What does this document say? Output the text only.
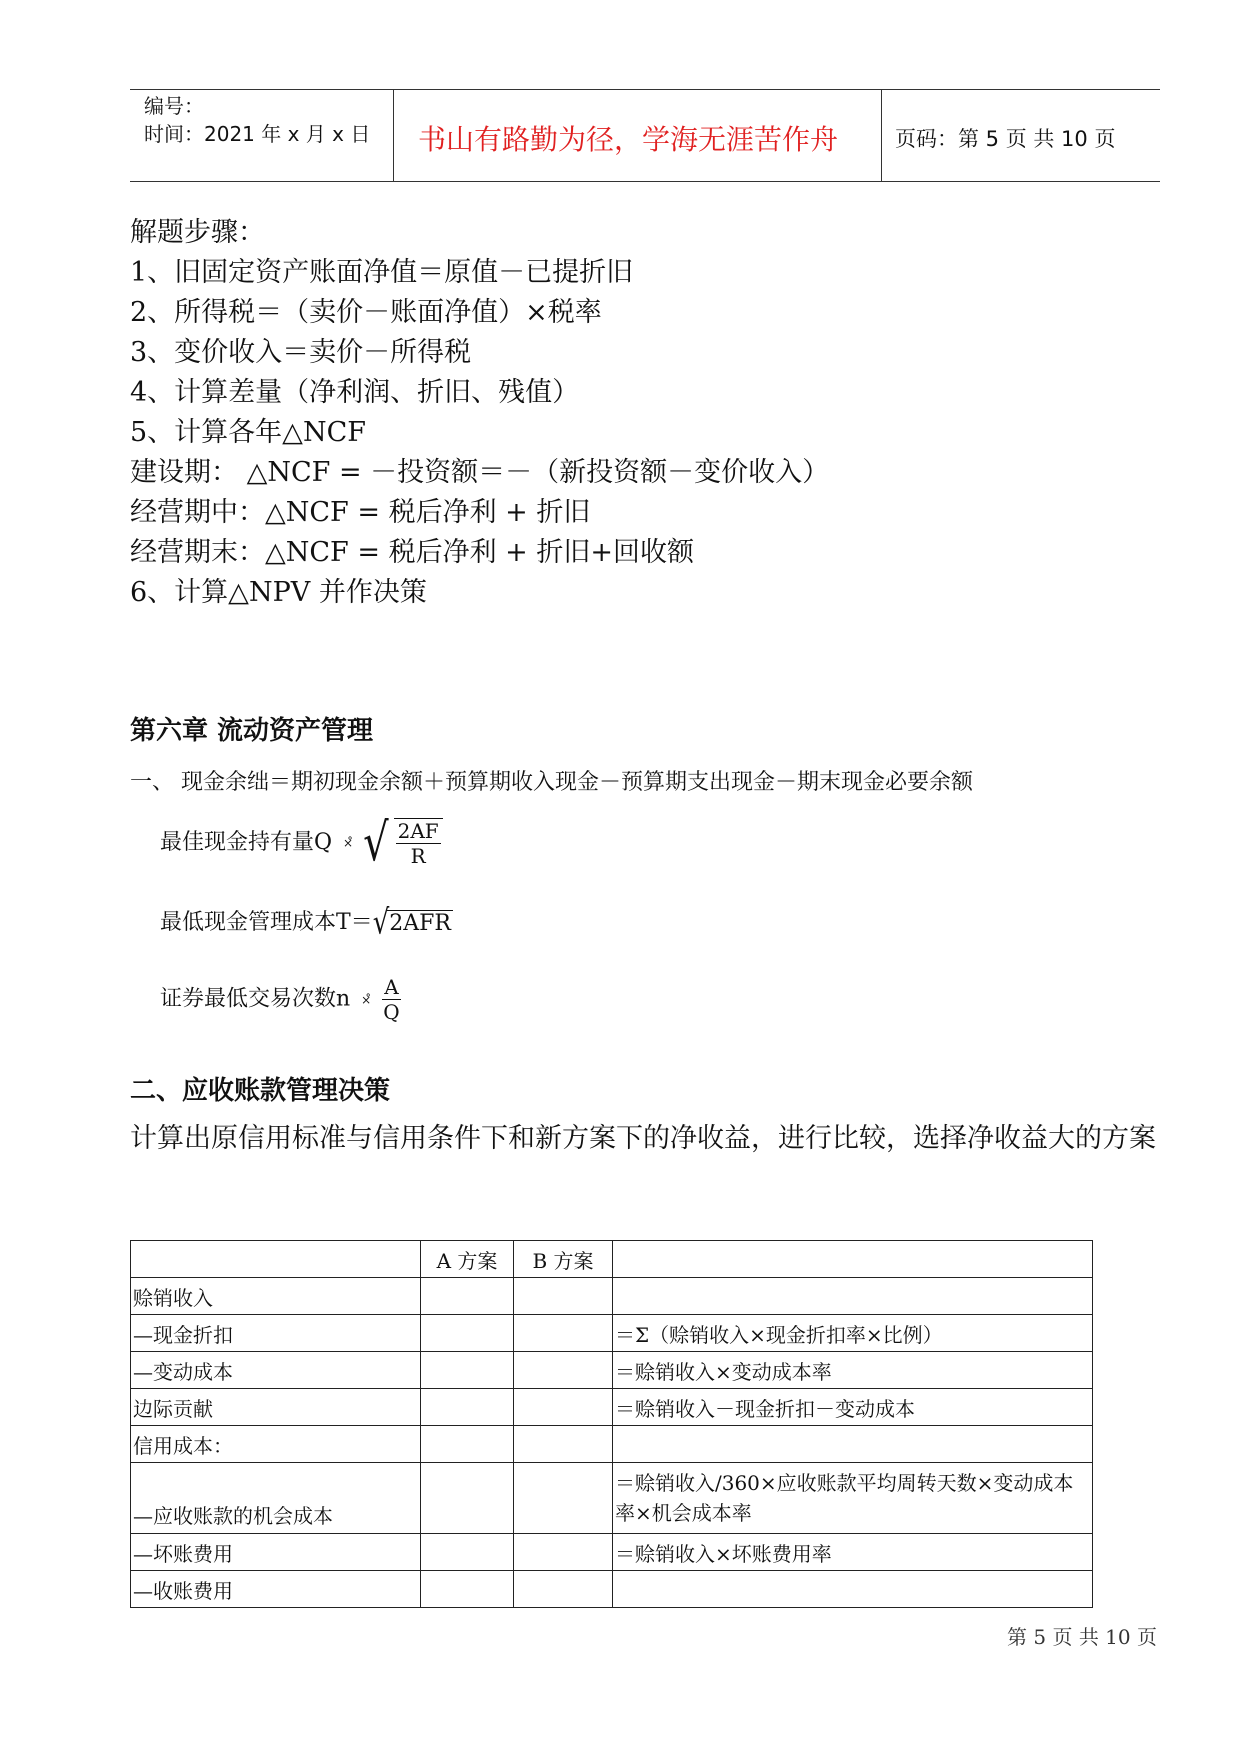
编号：
时间：2021 年 x 月 x 日 书山有路勤为径，学海无涯苦作舟	页码：第 5 页 共 10 页
解题步骤：
1、旧固定资产账面净值＝原值－已提折旧
2、所得税＝（卖价－账面净值）×税率
3、变价收入＝卖价－所得税
4、计算差量（净利润、折旧、残值）
5、计算各年△NCF
建设期： △NCF = －投资额＝－（新投资额－变价收入）
经营期中：△NCF = 税后净利 + 折旧
经营期末：△NCF = 税后净利 + 折旧+回收额
6、计算△NPV 并作决策
第六章 流动资产管理
一、 现金余绌＝期初现金余额＋预算期收入现金－预算期支出现金－期末现金必要余额
最佳现金持有量Q ×̊ √ $\frac{2AF}{R}$
最低现金管理成本T＝√2AFR
证券最低交易次数n ×̊ $\frac{A}{Q}$
二、应收账款管理决策
计算出原信用标准与信用条件下和新方案下的净收益，进行比较，选择净收益大的方案
	A 方案	B 方案	
赊销收入			
—现金折扣			＝Σ（赊销收入×现金折扣率×比例）
—变动成本			＝赊销收入×变动成本率
边际贡献			＝赊销收入－现金折扣－变动成本
信用成本：			
—应收账款的机会成本			＝赊销收入/360×应收账款平均周转天数×变动成本率×机会成本率
—坏账费用			＝赊销收入×坏账费用率
—收账费用			
第 5 页 共 10 页
